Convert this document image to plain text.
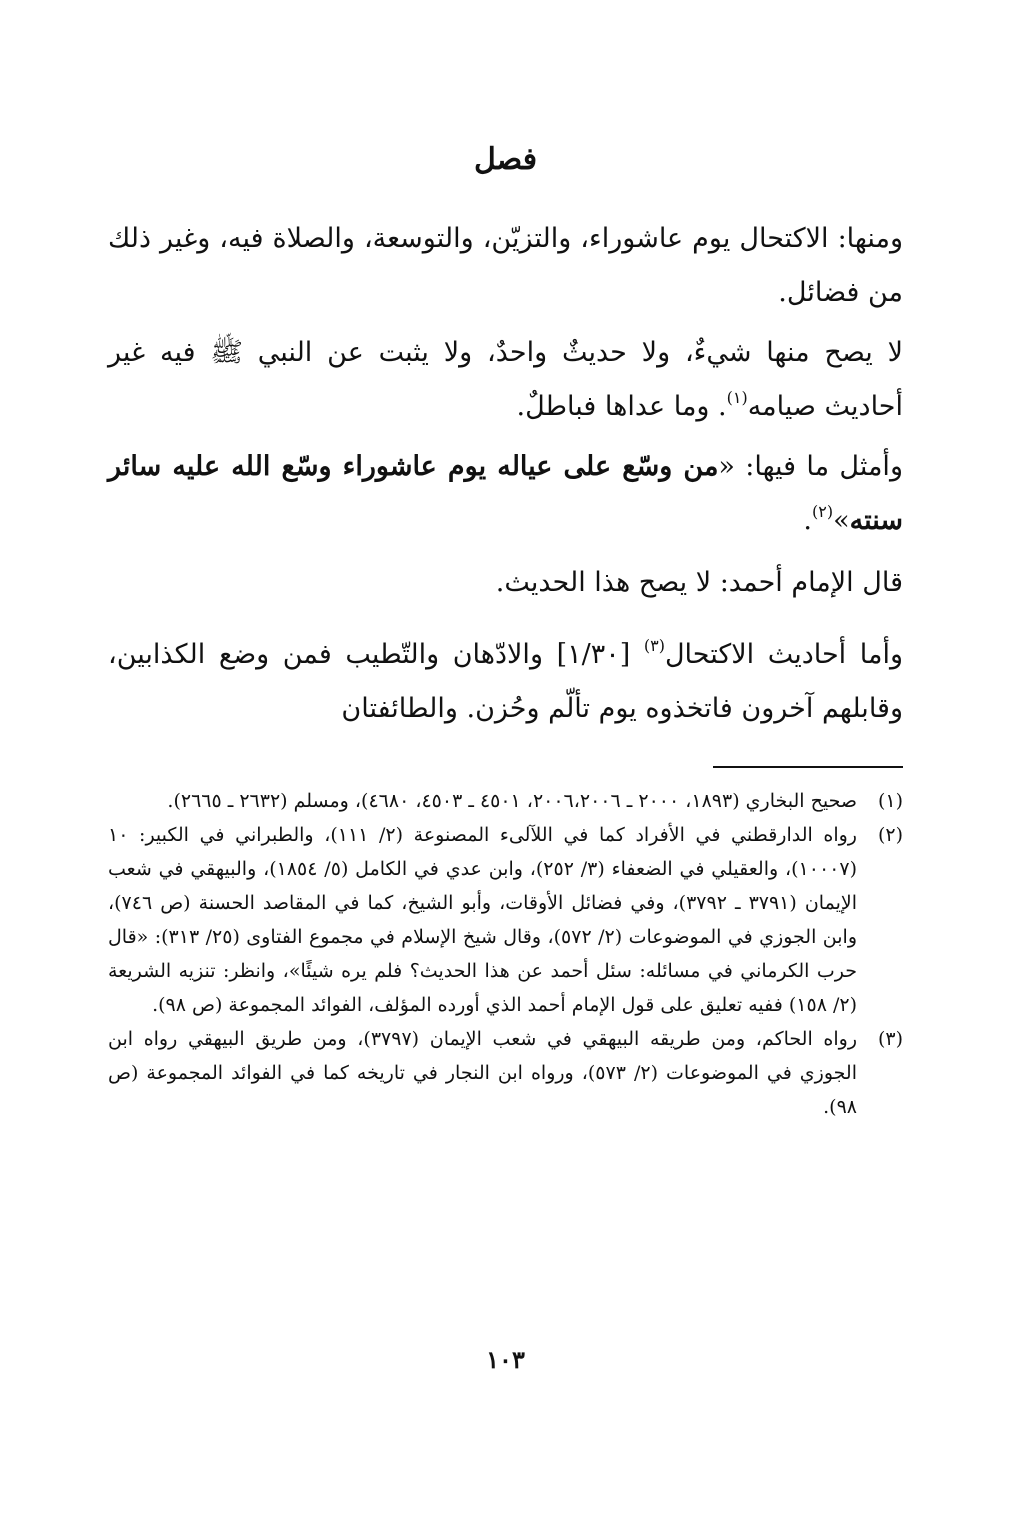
فصل

ومنها: الاكتحال يوم عاشوراء، والتزيّن، والتوسعة، والصلاة فيه، وغير ذلك من فضائل.

لا يصح منها شيءٌ، ولا حديثٌ واحدٌ، ولا يثبت عن النبي ﷺ فيه غير أحاديث صيامه$^{(١)}$. وما عداها فباطلٌ.

وأمثل ما فيها: «من وسّع على عياله يوم عاشوراء وسّع الله عليه سائر سنته»$^{(٢)}$.

قال الإمام أحمد: لا يصح هذا الحديث.

وأما أحاديث الاكتحال$^{(٣)}$ [١/٣٠] والادّهان والتّطيب فمن وضع الكذابين، وقابلهم آخرون فاتخذوه يوم تألّم وحُزن. والطائفتان

(١)
صحيح البخاري (١٨٩٣، ٢٠٠٠ ـ ٢٠٠٦،٢٠٠٦، ٤٥٠١ ـ ٤٥٠٣، ٤٦٨٠)، ومسلم (٢٦٣٢ ـ ٢٦٦٥).
(٢)
رواه الدارقطني في الأفراد كما في اللآلىء المصنوعة (٢/ ١١١)، والطبراني في الكبير: ١٠ (١٠٠٠٧)، والعقيلي في الضعفاء (٣/ ٢٥٢)، وابن عدي في الكامل (٥/ ١٨٥٤)، والبيهقي في شعب الإيمان (٣٧٩١ ـ ٣٧٩٢)، وفي فضائل الأوقات، وأبو الشيخ، كما في المقاصد الحسنة (ص ٧٤٦)، وابن الجوزي في الموضوعات (٢/ ٥٧٢)، وقال شيخ الإسلام في مجموع الفتاوى (٢٥/ ٣١٣): «قال حرب الكرماني في مسائله: سئل أحمد عن هذا الحديث؟ فلم يره شيئًا»، وانظر: تنزيه الشريعة (٢/ ١٥٨) ففيه تعليق على قول الإمام أحمد الذي أورده المؤلف، الفوائد المجموعة (ص ٩٨).
(٣)
رواه الحاكم، ومن طريقه البيهقي في شعب الإيمان (٣٧٩٧)، ومن طريق البيهقي رواه ابن الجوزي في الموضوعات (٢/ ٥٧٣)، ورواه ابن النجار في تاريخه كما في الفوائد المجموعة (ص ٩٨).
١٠٣
